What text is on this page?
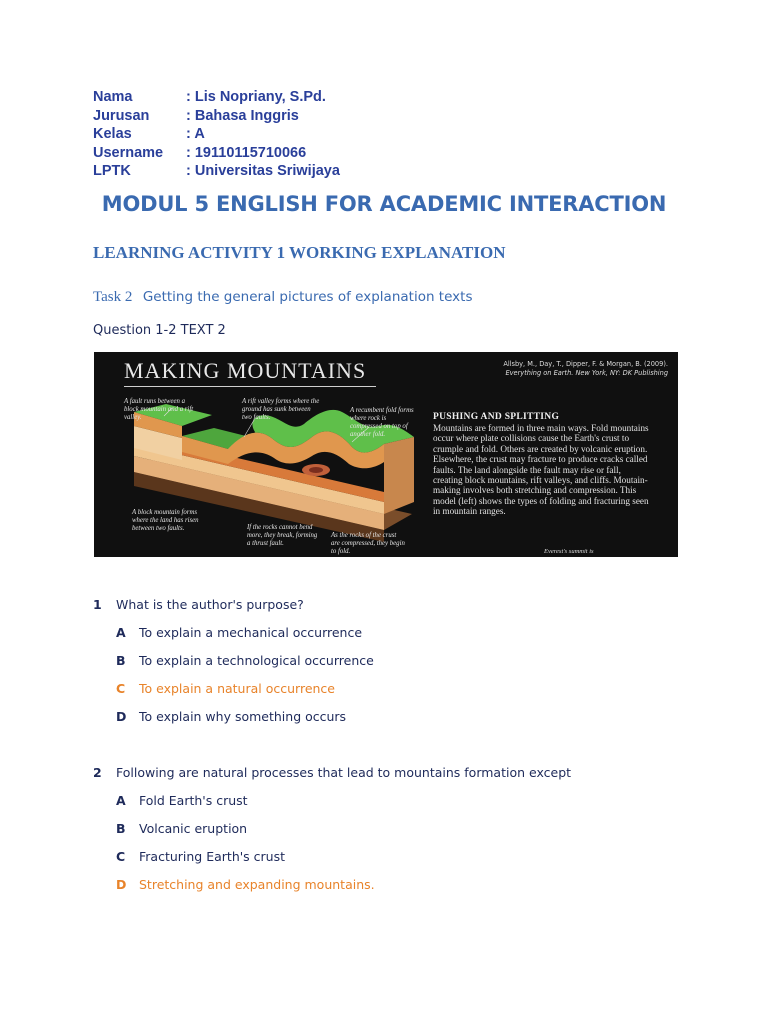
Nama	: Lis Nopriany, S.Pd.
Jurusan	: Bahasa Inggris
Kelas	: A
Username	: 19110115710066
LPTK	: Universitas Sriwijaya
MODUL 5 ENGLISH FOR ACADEMIC INTERACTION
LEARNING ACTIVITY 1 WORKING EXPLANATION
Task 2 Getting the general pictures of explanation texts
Question 1-2 TEXT 2
MAKING MOUNTAINS	Allsby, M., Day, T., Dipper, F. & Morgan, B. (2009).
Everything on Earth. New York, NY: DK Publishing
A fault runs between a block mountain and a rift valley.
A rift valley forms where the ground has sunk between two faults.
A recumbent fold forms where rock is compressed on top of another fold.
A block mountain forms where the land has risen between two faults.	If the rocks cannot bend more, they break, forming a thrust fault.
As the rocks of the crust are compressed, they begin to fold.
PUSHING AND SPLITTING
Mountains are formed in three main ways. Fold mountains occur where plate collisions cause the Earth's crust to crumple and fold. Others are created by volcanic eruption. Elsewhere, the crust may fracture to produce cracks called faults. The land alongside the fault may rise or fall, creating block mountains, rift valleys, and cliffs. Moutain-making involves both stretching and compression. This model (left) shows the types of folding and fracturing seen in mountain ranges.
Everest's summit is
1 What is the author's purpose?
A To explain a mechanical occurrence
B To explain a technological occurrence
C To explain a natural occurrence
D To explain why something occurs
2 Following are natural processes that lead to mountains formation except
A Fold Earth's crust
B Volcanic eruption
C Fracturing Earth's crust
D Stretching and expanding mountains.
